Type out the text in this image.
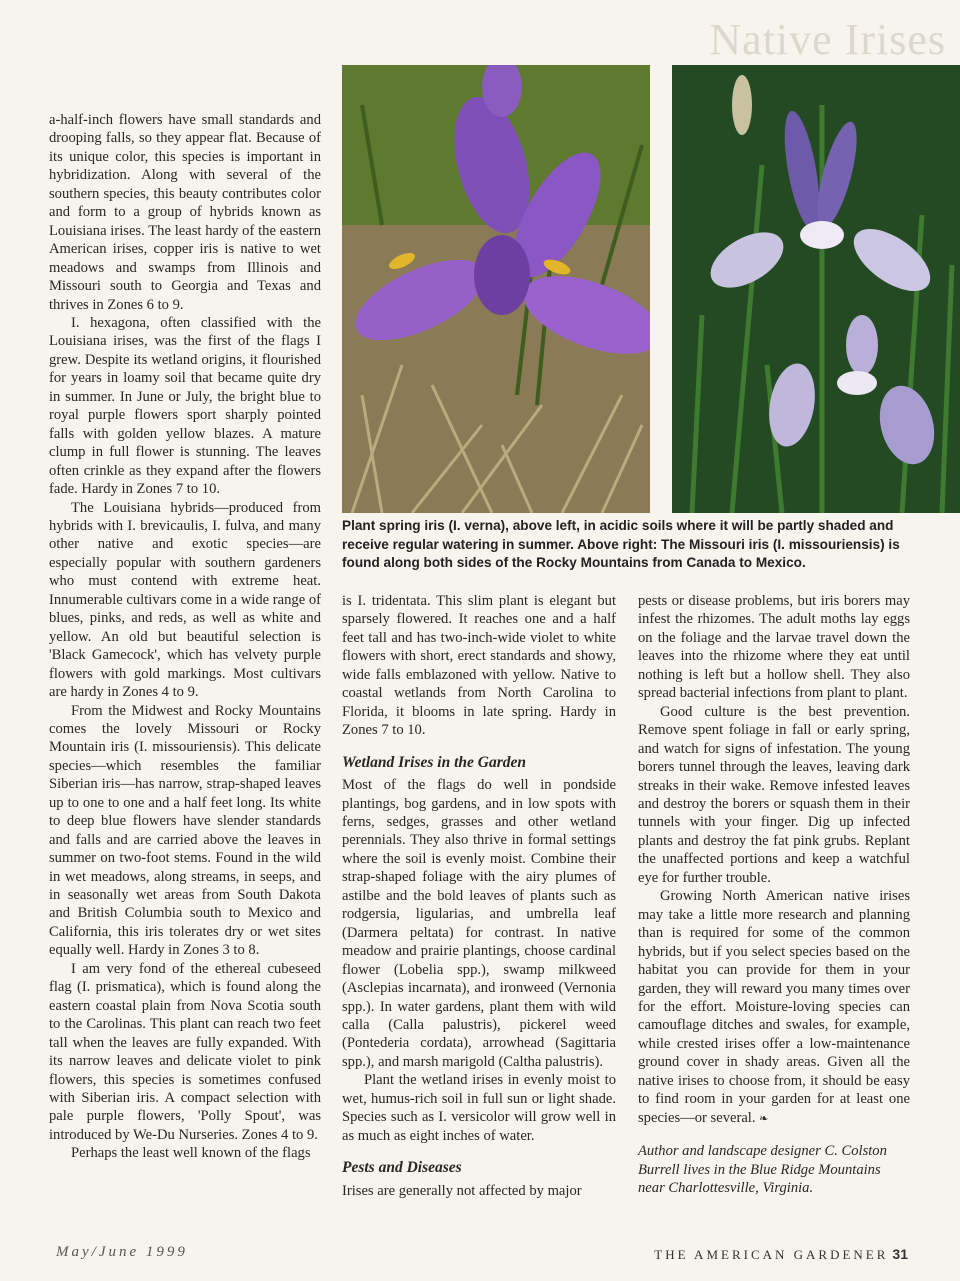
Native Irises
Plant spring iris (I. verna), above left, in acidic soils where it will be partly shaded and receive regular watering in summer. Above right: The Missouri iris (I. missouriensis) is found along both sides of the Rocky Mountains from Canada to Mexico.

a-half-inch flowers have small standards and drooping falls, so they appear flat. Because of its unique color, this species is important in hybridization. Along with several of the southern species, this beauty contributes color and form to a group of hybrids known as Louisiana irises. The least hardy of the eastern American irises, copper iris is native to wet meadows and swamps from Illinois and Missouri south to Georgia and Texas and thrives in Zones 6 to 9.

I. hexagona, often classified with the Louisiana irises, was the first of the flags I grew. Despite its wetland origins, it flourished for years in loamy soil that became quite dry in summer. In June or July, the bright blue to royal purple flowers sport sharply pointed falls with golden yellow blazes. A mature clump in full flower is stunning. The leaves often crinkle as they expand after the flowers fade. Hardy in Zones 7 to 10.

The Louisiana hybrids—produced from hybrids with I. brevicaulis, I. fulva, and many other native and exotic species—are especially popular with southern gardeners who must contend with extreme heat. Innumerable cultivars come in a wide range of blues, pinks, and reds, as well as white and yellow. An old but beautiful selection is 'Black Gamecock', which has velvety purple flowers with gold markings. Most cultivars are hardy in Zones 4 to 9.

From the Midwest and Rocky Mountains comes the lovely Missouri or Rocky Mountain iris (I. missouriensis). This delicate species—which resembles the familiar Siberian iris—has narrow, strap-shaped leaves up to one to one and a half feet long. Its white to deep blue flowers have slender standards and falls and are carried above the leaves in summer on two-foot stems. Found in the wild in wet meadows, along streams, in seeps, and in seasonally wet areas from South Dakota and British Columbia south to Mexico and California, this iris tolerates dry or wet sites equally well. Hardy in Zones 3 to 8.

I am very fond of the ethereal cubeseed flag (I. prismatica), which is found along the eastern coastal plain from Nova Scotia south to the Carolinas. This plant can reach two feet tall when the leaves are fully expanded. With its narrow leaves and delicate violet to pink flowers, this species is sometimes confused with Siberian iris. A compact selection with pale purple flowers, 'Polly Spout', was introduced by We-Du Nurseries. Zones 4 to 9.

Perhaps the least well known of the flags

is I. tridentata. This slim plant is elegant but sparsely flowered. It reaches one and a half feet tall and has two-inch-wide violet to white flowers with short, erect standards and showy, wide falls emblazoned with yellow. Native to coastal wetlands from North Carolina to Florida, it blooms in late spring. Hardy in Zones 7 to 10.

Wetland Irises in the Garden

Most of the flags do well in pondside plantings, bog gardens, and in low spots with ferns, sedges, grasses and other wetland perennials. They also thrive in formal settings where the soil is evenly moist. Combine their strap-shaped foliage with the airy plumes of astilbe and the bold leaves of plants such as rodgersia, ligularias, and umbrella leaf (Darmera peltata) for contrast. In native meadow and prairie plantings, choose cardinal flower (Lobelia spp.), swamp milkweed (Asclepias incarnata), and ironweed (Vernonia spp.). In water gardens, plant them with wild calla (Calla palustris), pickerel weed (Pontederia cordata), arrowhead (Sagittaria spp.), and marsh marigold (Caltha palustris).

Plant the wetland irises in evenly moist to wet, humus-rich soil in full sun or light shade. Species such as I. versicolor will grow well in as much as eight inches of water.

Pests and Diseases

Irises are generally not affected by major

pests or disease problems, but iris borers may infest the rhizomes. The adult moths lay eggs on the foliage and the larvae travel down the leaves into the rhizome where they eat until nothing is left but a hollow shell. They also spread bacterial infections from plant to plant.

Good culture is the best prevention. Remove spent foliage in fall or early spring, and watch for signs of infestation. The young borers tunnel through the leaves, leaving dark streaks in their wake. Remove infested leaves and destroy the borers or squash them in their tunnels with your finger. Dig up infected plants and destroy the fat pink grubs. Replant the unaffected portions and keep a watchful eye for further trouble.

Growing North American native irises may take a little more research and planning than is required for some of the common hybrids, but if you select species based on the habitat you can provide for them in your garden, they will reward you many times over for the effort. Moisture-loving species can camouflage ditches and swales, for example, while crested irises offer a low-maintenance ground cover in shady areas. Given all the native irises to choose from, it should be easy to find room in your garden for at least one species—or several. ❧

Author and landscape designer C. Colston Burrell lives in the Blue Ridge Mountains near Charlottesville, Virginia.

May/June 1999	THE AMERICAN GARDENER 31
